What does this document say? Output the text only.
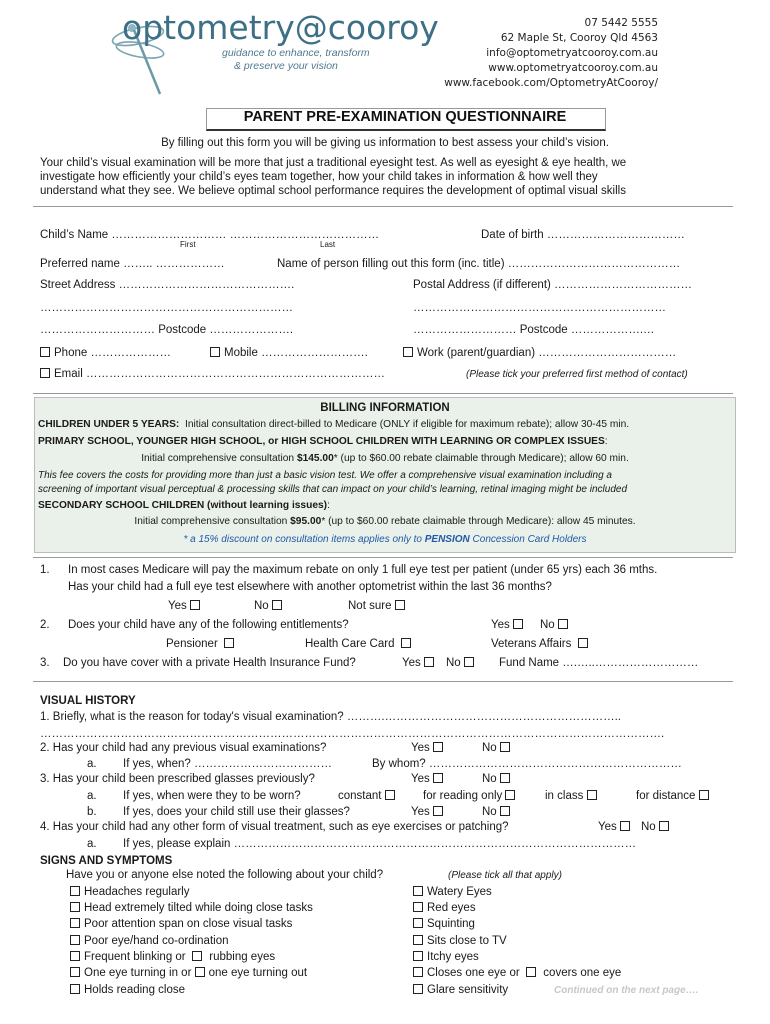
optometry@cooroy
guidance to enhance, transform
& preserve your vision
07 5442 5555
62 Maple St, Cooroy Qld 4563
info@optometryatcooroy.com.au
www.optometryatcooroy.com.au
www.facebook.com/OptometryAtCooroy/
PARENT PRE-EXAMINATION QUESTIONNAIRE
By filling out this form you will be giving us information to best assess your child’s vision.
Your child’s visual examination will be more that just a traditional eyesight test. As well as eyesight & eye health, we
investigate how efficiently your child’s eyes team together, how your child takes in information & how well they
understand what they see. We believe optimal school performance requires the development of optimal visual skills
Child’s Name ………………………… …………………………………
First	Last
Date of birth ………………………………
Preferred name …….. ………………	Name of person filling out this form (inc. title) ………………………………………
Street Address ……………………………………….	Postal Address (if different) ………………………………
…………………………………………………………	…………………………………………………………
………………………… Postcode ………………….	……………………… Postcode ……………….…
Phone …………………	Mobile ……………………….	Work (parent/guardian) ………………………………
Email ……………………………………………………………………	(Please tick your preferred first method of contact)
BILLING INFORMATION
CHILDREN UNDER 5 YEARS: Initial consultation direct-billed to Medicare (ONLY if eligible for maximum rebate); allow 30-45 min.
PRIMARY SCHOOL, YOUNGER HIGH SCHOOL, or HIGH SCHOOL CHILDREN WITH LEARNING OR COMPLEX ISSUES:
Initial comprehensive consultation $145.00* (up to $60.00 rebate claimable through Medicare); allow 60 min.
This fee covers the costs for providing more than just a basic vision test. We offer a comprehensive visual examination including a
screening of important visual perceptual & processing skills that can impact on your child’s learning, retinal imaging might be included
SECONDARY SCHOOL CHILDREN (without learning issues):
Initial comprehensive consultation $95.00* (up to $60.00 rebate claimable through Medicare): allow 45 minutes.
* a 15% discount on consultation items applies only to PENSION Concession Card Holders
1. In most cases Medicare will pay the maximum rebate on only 1 full eye test per patient (under 65 yrs) each 36 mths.
Has your child had a full eye test elsewhere with another optometrist within the last 36 months?
Yes	No	Not sure
2. Does your child have any of the following entitlements?	Yes	No
Pensioner	Health Care Card	Veterans Affairs
3. Do you have cover with a private Health Insurance Fund?	Yes	No	Fund Name ….…..………………………
VISUAL HISTORY
1. Briefly, what is the reason for today's visual examination? ……….……………………………………………………..
……………………………………………………………………………………………………………………………………………….
2. Has your child had any previous visual examinations?	Yes	No
a. If yes, when? ………………………………	By whom? …………………………………………………………
3. Has your child been prescribed glasses previously?	Yes	No
a. If yes, when were they to be worn?	constant	for reading only	in class	for distance
b. If yes, does your child still use their glasses?	Yes	No
4. Has your child had any other form of visual treatment, such as eye exercises or patching?	Yes	No
a. If yes, please explain ……………………………………………………………………………………………
SIGNS AND SYMPTOMS
Have you or anyone else noted the following about your child?	(Please tick all that apply)
Headaches regularly
Head extremely tilted while doing close tasks
Poor attention span on close visual tasks
Poor eye/hand co-ordination
Frequent blinking or rubbing eyes
One eye turning in or one eye turning out
Holds reading close
Watery Eyes
Red eyes
Squinting
Sits close to TV
Itchy eyes
Closes one eye or covers one eye
Glare sensitivity	Continued on the next page….
